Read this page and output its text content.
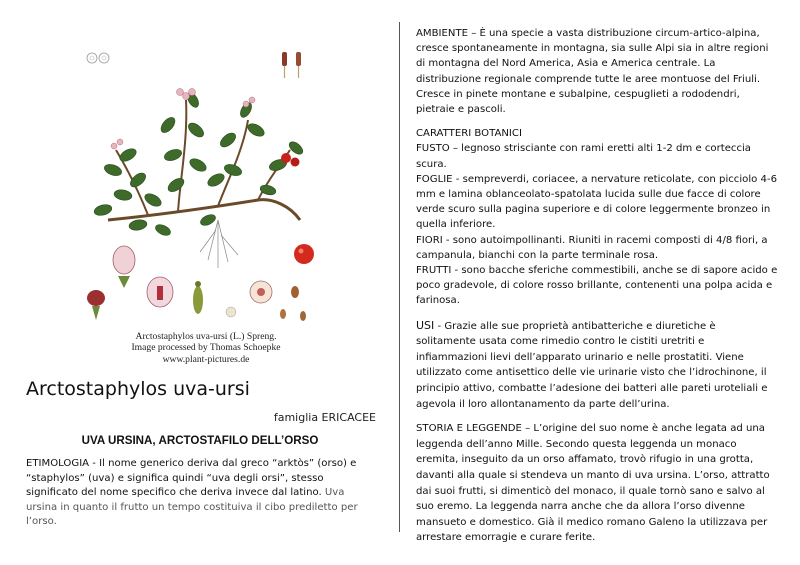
Arctostaphylos uva-ursi (L.) Spreng.
Image processed by Thomas Schoepke
www.plant-pictures.de
Arctostaphylos uva-ursi
famiglia ERICACEE
UVA URSINA, ARCTOSTAFILO DELL’ORSO
ETIMOLOGIA - Il nome generico deriva dal greco “arktòs” (orso) e “staphylos” (uva) e significa quindi “uva degli orsi”, stesso significato del nome specifico che deriva invece dal latino. Uva ursina in quanto il frutto un tempo costituiva il cibo prediletto per l’orso.

AMBIENTE – È una specie a vasta distribuzione circum-artico-alpina, cresce spontaneamente in montagna, sia sulle Alpi sia in altre regioni di montagna del Nord America, Asia e America centrale. La distribuzione regionale comprende tutte le aree montuose del Friuli. Cresce in pinete montane e subalpine, cespuglieti a rododendri, pietraie e pascoli.

CARATTERI BOTANICI

FUSTO – legnoso strisciante con rami eretti alti 1-2 dm e corteccia scura.

FOGLIE - sempreverdi, coriacee, a nervature reticolate, con picciolo 4-6 mm e lamina oblanceolato-spatolata lucida sulle due facce di colore verde scuro sulla pagina superiore e di colore leggermente bronzeo in quella inferiore.

FIORI - sono autoimpollinanti. Riuniti in racemi composti di 4/8 fiori, a campanula, bianchi con la parte terminale rosa.

FRUTTI - sono bacche sferiche commestibili, anche se di sapore acido e poco gradevole, di colore rosso brillante, contenenti una polpa acida e farinosa.

USI - Grazie alle sue proprietà antibatteriche e diuretiche è solitamente usata come rimedio contro le cistiti uretriti e infiammazioni lievi dell’apparato urinario e nelle prostatiti. Viene utilizzato come antisettico delle vie urinarie visto che l’idrochinone, il principio attivo, combatte l’adesione dei batteri alle pareti uroteliali e agevola il loro allontanamento da parte dell’urina.

STORIA E LEGGENDE – L’origine del suo nome è anche legata ad una leggenda dell’anno Mille. Secondo questa leggenda un monaco eremita, inseguito da un orso affamato, trovò rifugio in una grotta, davanti alla quale si stendeva un manto di uva ursina. L’orso, attratto dai suoi frutti, si dimenticò del monaco, il quale tornò sano e salvo al suo eremo. La leggenda narra anche che da allora l’orso divenne mansueto e domestico. Già il medico romano Galeno la utilizzava per arrestare emorragie e curare ferite.
